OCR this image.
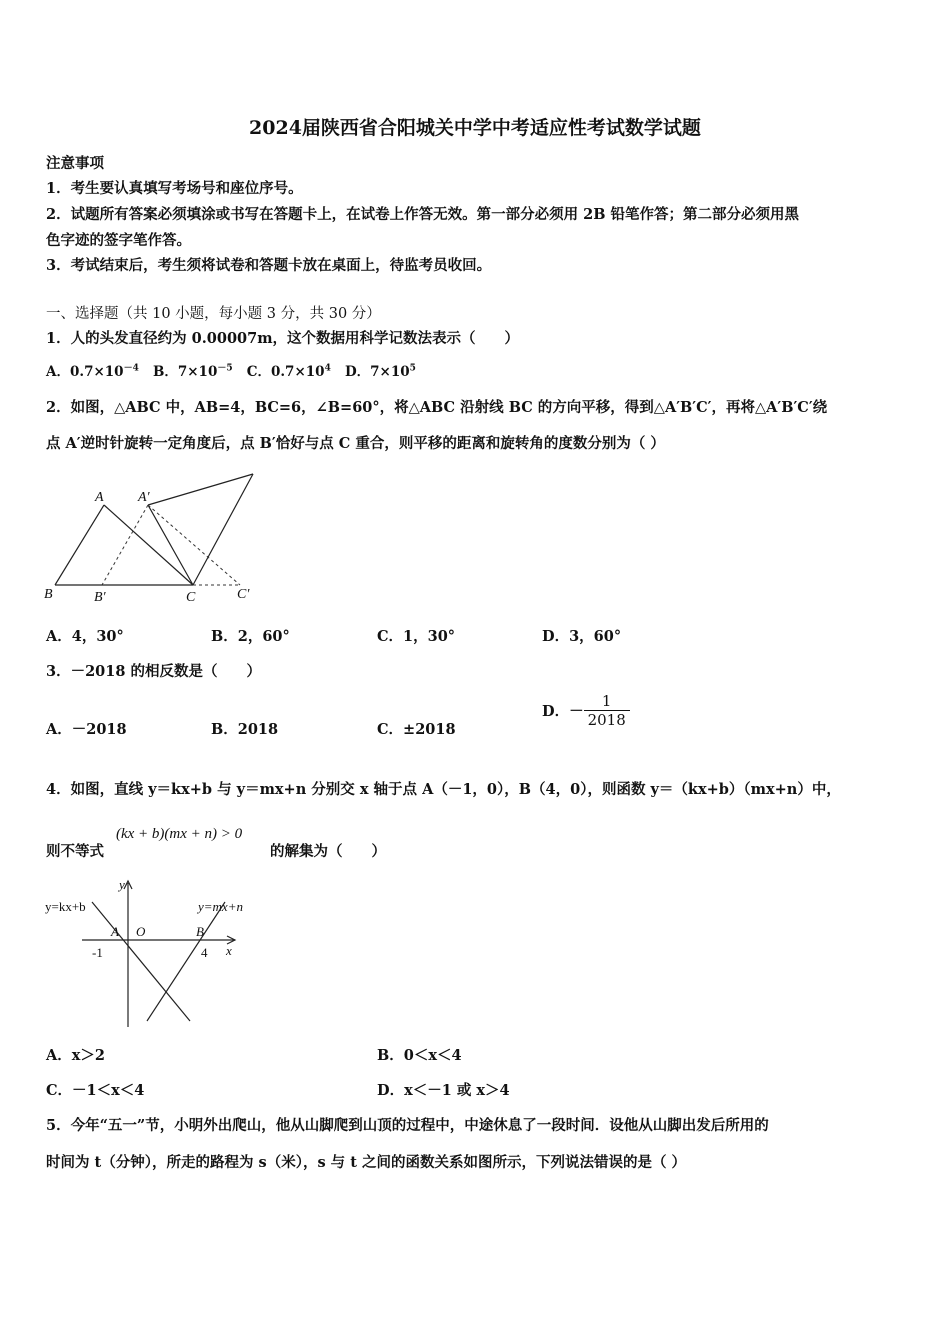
2024届陕西省合阳城关中学中考适应性考试数学试题
注意事项
1．考生要认真填写考场号和座位序号。
2．试题所有答案必须填涂或书写在答题卡上，在试卷上作答无效。第一部分必须用 2B 铅笔作答；第二部分必须用黑
色字迹的签字笔作答。
3．考试结束后，考生须将试卷和答题卡放在桌面上，待监考员收回。
一、选择题（共 10 小题，每小题 3 分，共 30 分）
1．人的头发直径约为 0.00007m，这个数据用科学记数法表示（　　）
A．$0.7\times 10^{-4}$ B．$7\times 10^{-5}$ C．$0.7\times 10^4$ D．$7\times 10^5$
2．如图，△ABC 中，AB=4，BC=6，∠B=60°，将△ABC 沿射线 BC 的方向平移，得到△A′B′C′，再将△A′B′C′绕
点 A′逆时针旋转一定角度后，点 B′恰好与点 C 重合，则平移的距离和旋转角的度数分别为（ ）
A A′
B	B′	C	C′
A．4，30°	B．2，60°	C．1，30°	D．3，60°
3．－2018 的相反数是（　　）
A．－2018	B．2018	C．±2018
D．－ $\frac{1}{2018}$
4．如图，直线 y＝kx+b 与 y＝mx+n 分别交 x 轴于点 A（－1，0），B（4，0），则函数 y＝（kx+b）（mx+n）中，
则不等式
(kx + b)(mx + n) > 0
的解集为（　　）
y
x
y=kx+b	y=mx+n
A O	B
-1	4
A．x＞2	B．0＜x＜4
C．－1＜x＜4	D．x＜－1 或 x＞4
5．今年“五一”节，小明外出爬山，他从山脚爬到山顶的过程中，中途休息了一段时间．设他从山脚出发后所用的
时间为 t（分钟），所走的路程为 s（米），s 与 t 之间的函数关系如图所示，下列说法错误的是（ ）
